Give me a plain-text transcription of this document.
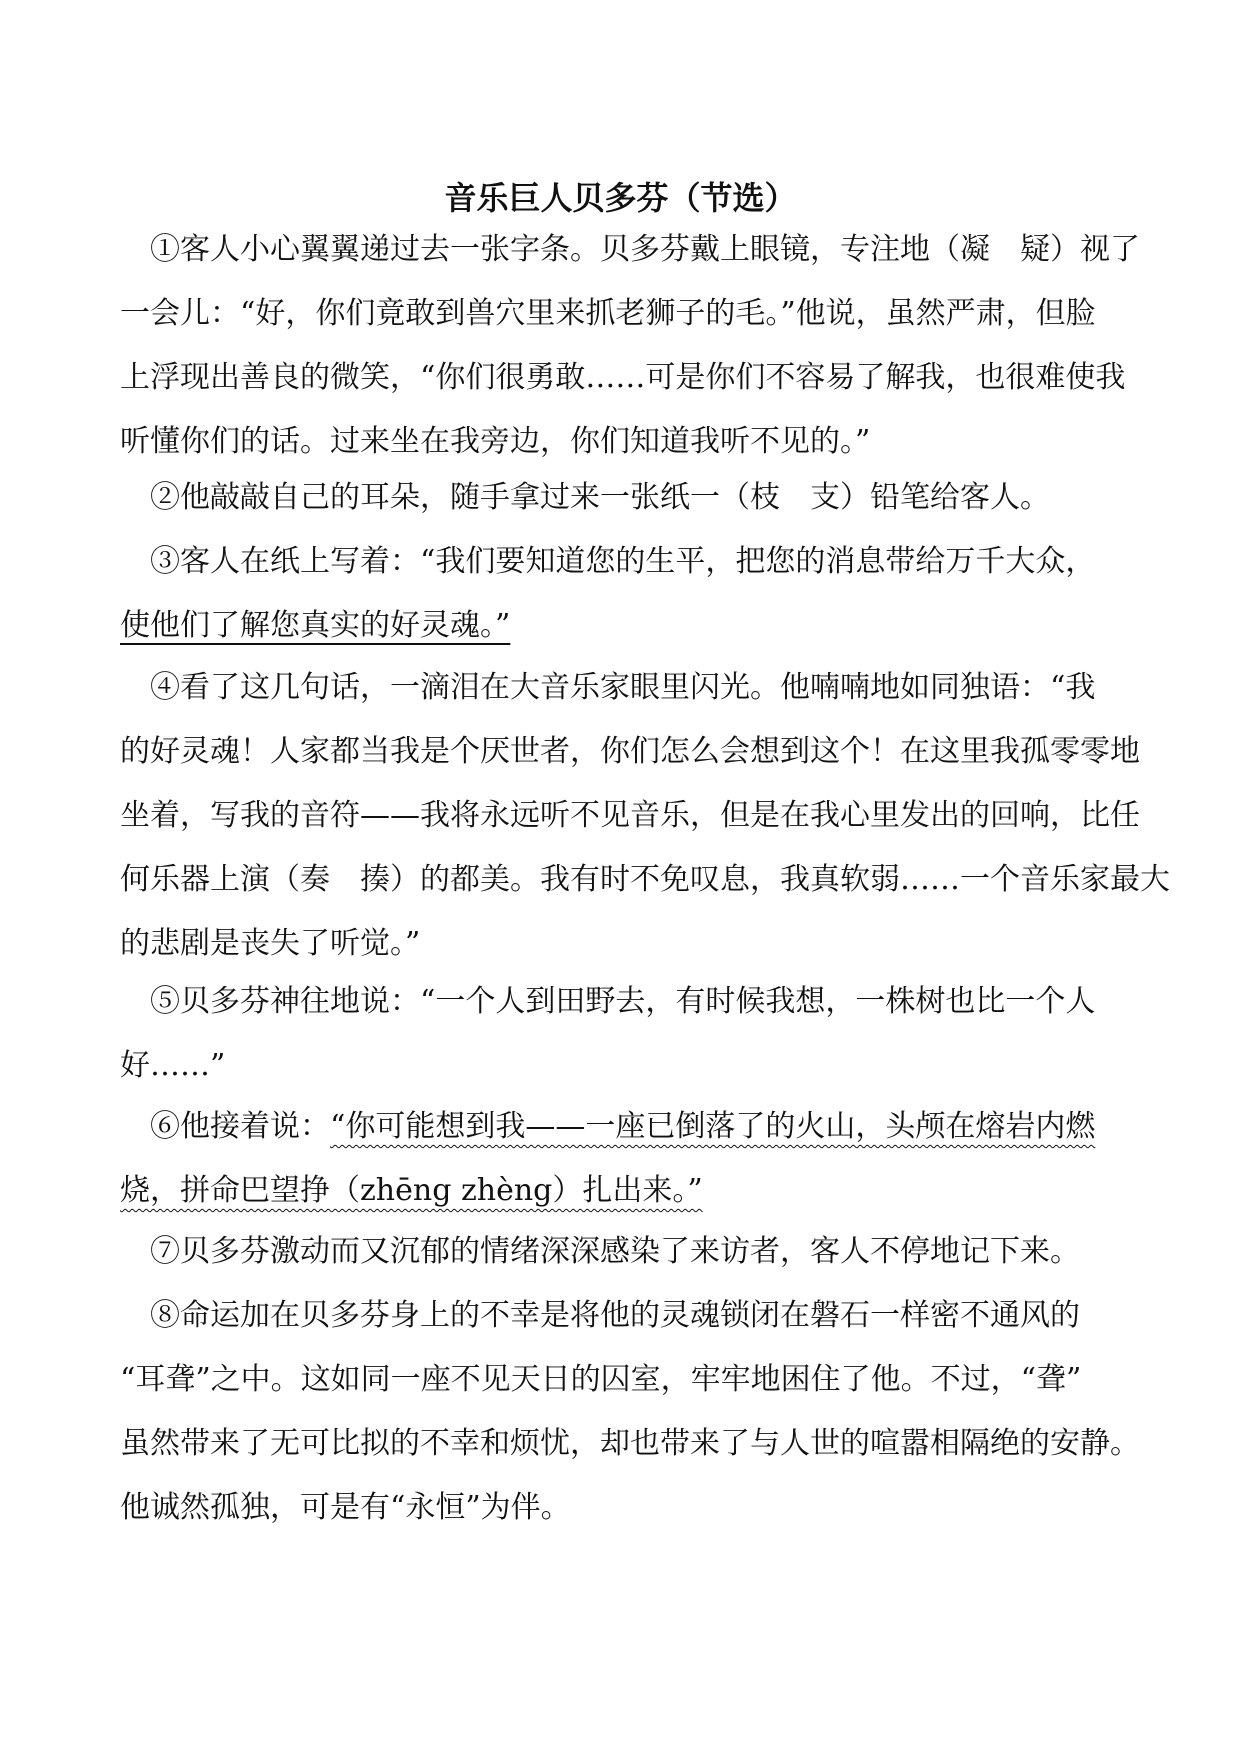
音乐巨人贝多芬（节选）

　①客人小心翼翼递过去一张字条。贝多芬戴上眼镜，专注地（凝　疑）视了
一会儿：“好，你们竟敢到兽穴里来抓老狮子的毛。”他说，虽然严肃，但脸
上浮现出善良的微笑，“你们很勇敢……可是你们不容易了解我，也很难使我
听懂你们的话。过来坐在我旁边，你们知道我听不见的。”

　②他敲敲自己的耳朵，随手拿过来一张纸一（枝　支）铅笔给客人。

　③客人在纸上写着：“我们要知道您的生平，把您的消息带给万千大众，
使他们了解您真实的好灵魂。”

　④看了这几句话，一滴泪在大音乐家眼里闪光。他喃喃地如同独语：“我
的好灵魂！人家都当我是个厌世者，你们怎么会想到这个！在这里我孤零零地
坐着，写我的音符——我将永远听不见音乐，但是在我心里发出的回响，比任
何乐器上演（奏　揍）的都美。我有时不免叹息，我真软弱……一个音乐家最大
的悲剧是丧失了听觉。”

　⑤贝多芬神往地说：“一个人到田野去，有时候我想，一株树也比一个人
好……”

　⑥他接着说：“你可能想到我——一座已倒落了的火山，头颅在熔岩内燃
烧，拼命巴望挣（zhēng zhèng）扎出来。”

　⑦贝多芬激动而又沉郁的情绪深深感染了来访者，客人不停地记下来。

　⑧命运加在贝多芬身上的不幸是将他的灵魂锁闭在磐石一样密不通风的
“耳聋”之中。这如同一座不见天日的囚室，牢牢地困住了他。不过，“聋”
虽然带来了无可比拟的不幸和烦忧，却也带来了与人世的喧嚣相隔绝的安静。
他诚然孤独，可是有“永恒”为伴。
